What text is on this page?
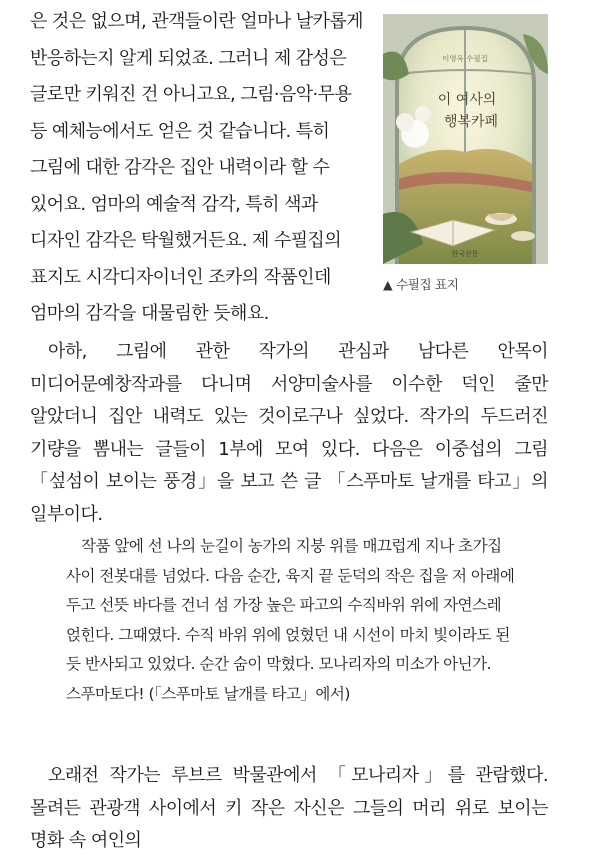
은 것은 없으며, 관객들이란 얼마나 날카롭게 반응하는지 알게 되었죠. 그러니 제 감성은 글로만 키워진 건 아니고요, 그림·음악·무용 등 예체능에서도 얻은 것 같습니다. 특히 그림에 대한 감각은 집안 내력이라 할 수 있어요. 엄마의 예술적 감각, 특히 색과 디자인 감각은 탁월했거든요. 제 수필집의 표지도 시각디자이너인 조카의 작품인데 엄마의 감각을 대물림한 듯해요.

이영옥 수필집
이 여사의
행복카페
한국산문
▲ 수필집 표지

아하, 그림에 관한 작가의 관심과 남다른 안목이 미디어문예창작과를 다니며 서양미술사를 이수한 덕인 줄만 알았더니 집안 내력도 있는 것이로구나 싶었다. 작가의 두드러진 기량을 뽐내는 글들이 1부에 모여 있다. 다음은 이중섭의 그림 「섶섬이 보이는 풍경」을 보고 쓴 글 「스푸마토 날개를 타고」의 일부이다.

작품 앞에 선 나의 눈길이 농가의 지붕 위를 매끄럽게 지나 초가집 사이 전봇대를 넘었다. 다음 순간, 육지 끝 둔덕의 작은 집을 저 아래에 두고 선뜻 바다를 건너 섬 가장 높은 파고의 수직바위 위에 자연스레 얹힌다. 그때였다. 수직 바위 위에 얹혔던 내 시선이 마치 빛이라도 된 듯 반사되고 있었다. 순간 숨이 막혔다. 모나리자의 미소가 아닌가. 스푸마토다! (「스푸마토 날개를 타고」에서)

오래전 작가는 루브르 박물관에서 「모나리자」를 관람했다. 몰려든 관광객 사이에서 키 작은 자신은 그들의 머리 위로 보이는 명화 속 여인의
